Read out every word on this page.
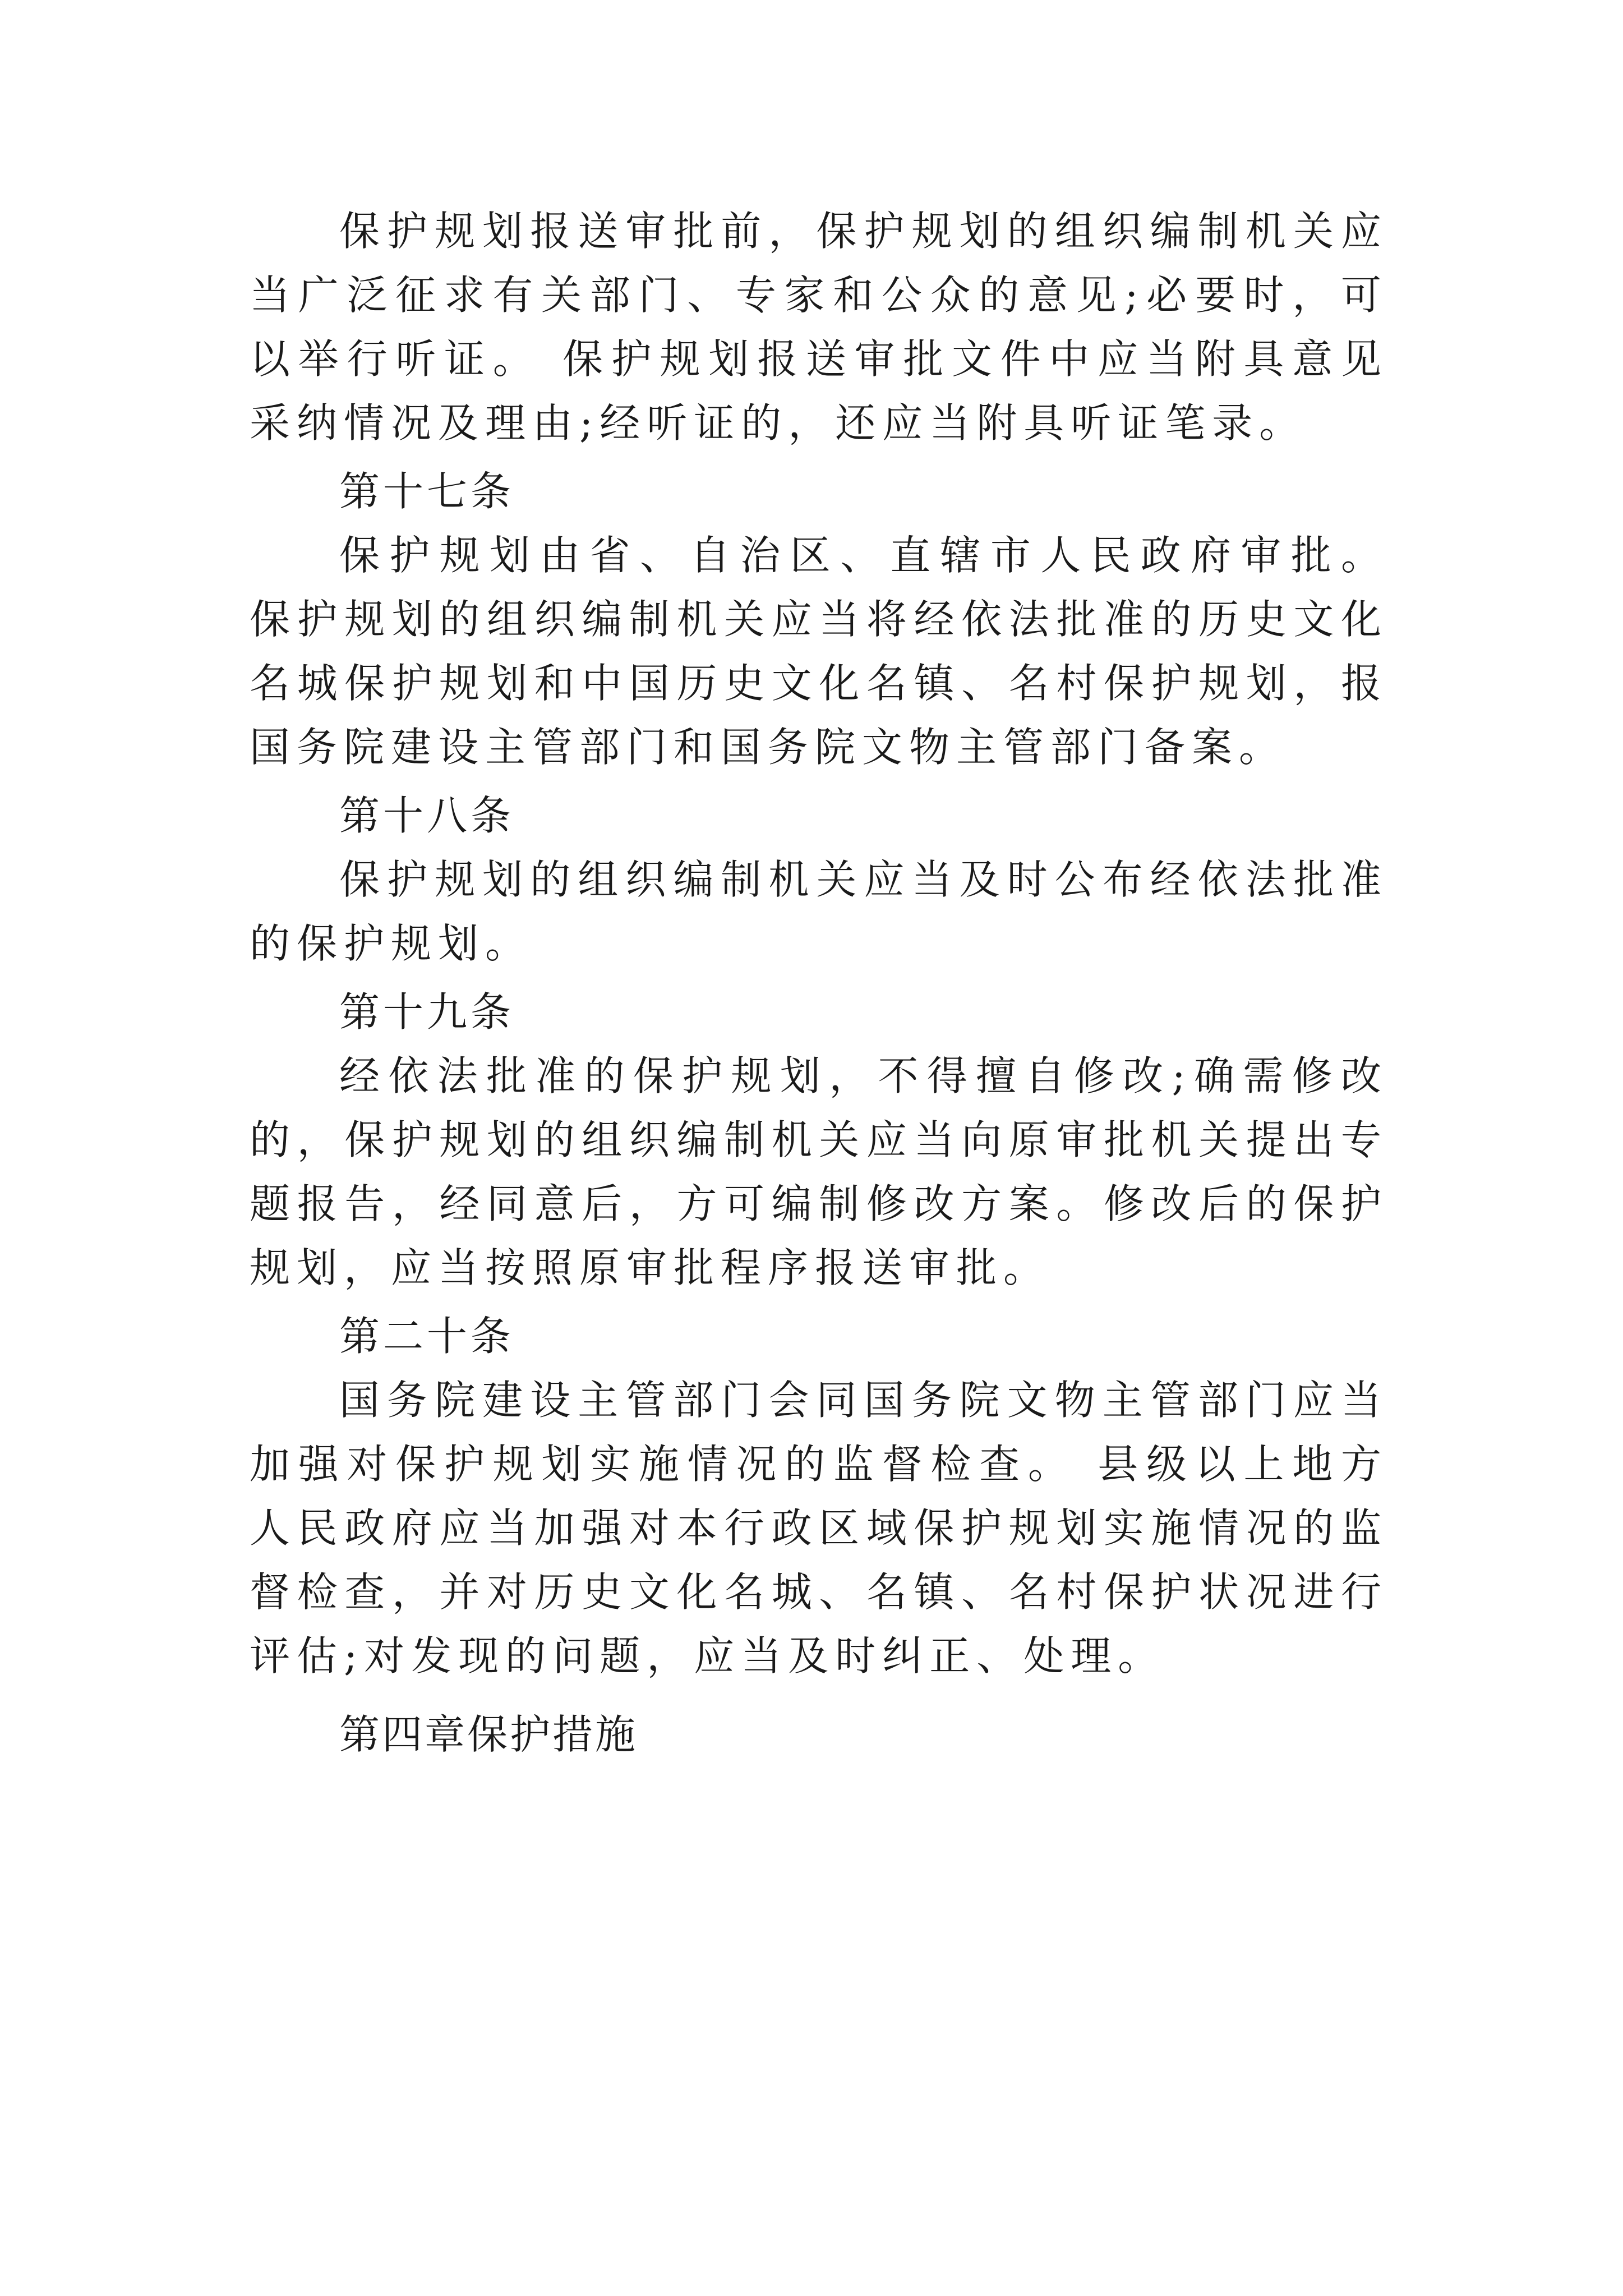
保护规划报送审批前，保护规划的组织编制机关应当广泛征求有关部门、专家和公众的意见;必要时，可以举行听证。 保护规划报送审批文件中应当附具意见采纳情况及理由;经听证的，还应当附具听证笔录。

第十七条

保护规划由省、自治区、直辖市人民政府审批。 保护规划的组织编制机关应当将经依法批准的历史文化名城保护规划和中国历史文化名镇、名村保护规划，报国务院建设主管部门和国务院文物主管部门备案。

第十八条

保护规划的组织编制机关应当及时公布经依法批准的保护规划。

第十九条

经依法批准的保护规划，不得擅自修改;确需修改的，保护规划的组织编制机关应当向原审批机关提出专题报告，经同意后，方可编制修改方案。修改后的保护规划，应当按照原审批程序报送审批。

第二十条

国务院建设主管部门会同国务院文物主管部门应当加强对保护规划实施情况的监督检查。 县级以上地方人民政府应当加强对本行政区域保护规划实施情况的监督检查，并对历史文化名城、名镇、名村保护状况进行评估;对发现的问题，应当及时纠正、处理。

第四章保护措施
